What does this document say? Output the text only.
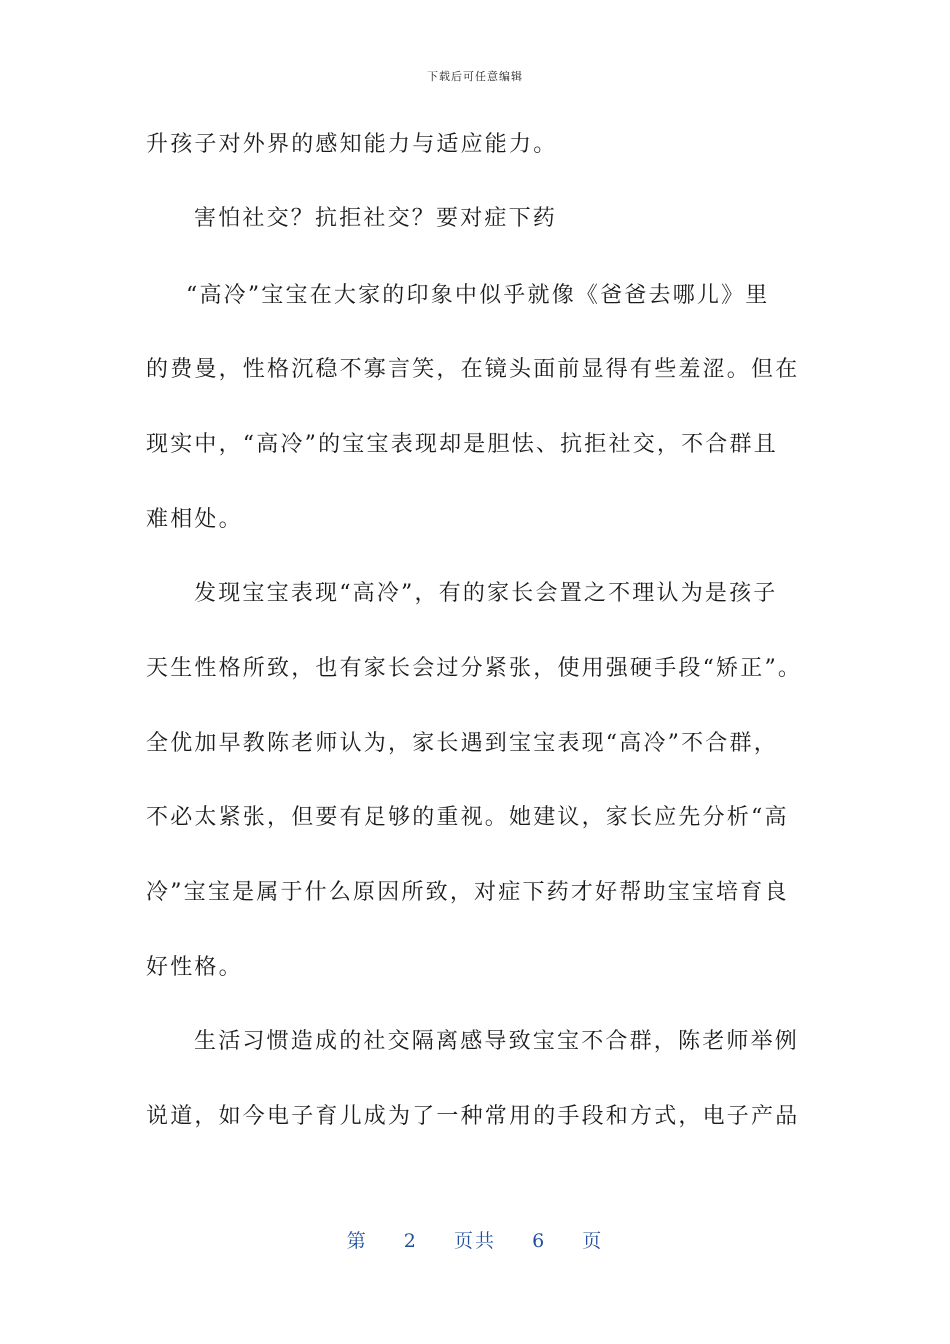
下载后可任意编辑
升孩子对外界的感知能力与适应能力。
害怕社交？抗拒社交？要对症下药
“高冷”宝宝在大家的印象中似乎就像《爸爸去哪儿》里
的费曼，性格沉稳不寡言笑，在镜头面前显得有些羞涩。但在
现实中，“高冷”的宝宝表现却是胆怯、抗拒社交，不合群且
难相处。
发现宝宝表现“高冷”，有的家长会置之不理认为是孩子
天生性格所致，也有家长会过分紧张，使用强硬手段“矫正”。
全优加早教陈老师认为，家长遇到宝宝表现“高冷”不合群，
不必太紧张，但要有足够的重视。她建议，家长应先分析“高
冷”宝宝是属于什么原因所致，对症下药才好帮助宝宝培育良
好性格。
生活习惯造成的社交隔离感导致宝宝不合群，陈老师举例
说道，如今电子育儿成为了一种常用的手段和方式，电子产品
第 2 页共 6 页
